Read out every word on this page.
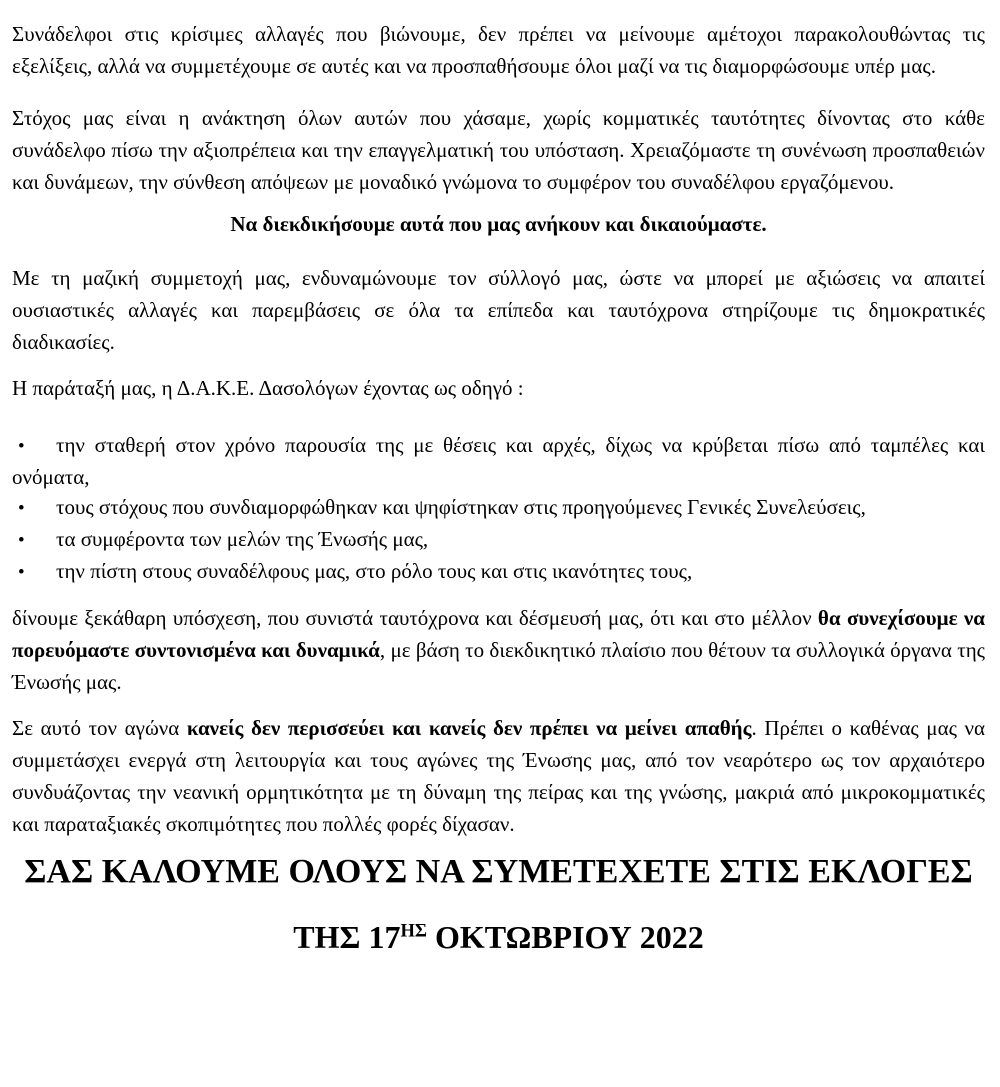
Συνάδελφοι στις κρίσιμες αλλαγές που βιώνουμε, δεν πρέπει να μείνουμε αμέτοχοι παρακολουθώντας τις εξελίξεις, αλλά να συμμετέχουμε σε αυτές και να προσπαθήσουμε όλοι μαζί να τις διαμορφώσουμε υπέρ μας.

Στόχος μας είναι η ανάκτηση όλων αυτών που χάσαμε, χωρίς κομματικές ταυτότητες δίνοντας στο κάθε συνάδελφο πίσω την αξιοπρέπεια και την επαγγελματική του υπόσταση. Χρειαζόμαστε τη συνένωση προσπαθειών και δυνάμεων, την σύνθεση απόψεων με μοναδικό γνώμονα το συμφέρον του συναδέλφου εργαζόμενου.

Να διεκδικήσουμε αυτά που μας ανήκουν και δικαιούμαστε.

Με τη μαζική συμμετοχή μας, ενδυναμώνουμε τον σύλλογό μας, ώστε να μπορεί με αξιώσεις να απαιτεί ουσιαστικές αλλαγές και παρεμβάσεις σε όλα τα επίπεδα και ταυτόχρονα στηρίζουμε τις δημοκρατικές διαδικασίες.

Η παράταξή μας, η Δ.Α.Κ.Ε. Δασολόγων έχοντας ως οδηγό :

• την σταθερή στον χρόνο παρουσία της με θέσεις και αρχές, δίχως να κρύβεται πίσω από ταμπέλες και ονόματα,
• τους στόχους που συνδιαμορφώθηκαν και ψηφίστηκαν στις προηγούμενες Γενικές Συνελεύσεις,
• τα συμφέροντα των μελών της Ένωσής μας,
• την πίστη στους συναδέλφους μας, στο ρόλο τους και στις ικανότητες τους,

δίνουμε ξεκάθαρη υπόσχεση, που συνιστά ταυτόχρονα και δέσμευσή μας, ότι και στο μέλλον θα συνεχίσουμε να πορευόμαστε συντονισμένα και δυναμικά, με βάση το διεκδικητικό πλαίσιο που θέτουν τα συλλογικά όργανα της Ένωσής μας.

Σε αυτό τον αγώνα κανείς δεν περισσεύει και κανείς δεν πρέπει να μείνει απαθής. Πρέπει ο καθένας μας να συμμετάσχει ενεργά στη λειτουργία και τους αγώνες της Ένωσης μας, από τον νεαρότερο ως τον αρχαιότερο συνδυάζοντας την νεανική ορμητικότητα με τη δύναμη της πείρας και της γνώσης, μακριά από μικροκομματικές και παραταξιακές σκοπιμότητες που πολλές φορές δίχασαν.

ΣΑΣ ΚΑΛΟΥΜΕ ΟΛΟΥΣ ΝΑ ΣΥΜΕΤΕΧΕΤΕ ΣΤΙΣ ΕΚΛΟΓΕΣ
ΤΗΣ $17^{H\Sigma}$ ΟΚΤΩΒΡΙΟΥ 2022
